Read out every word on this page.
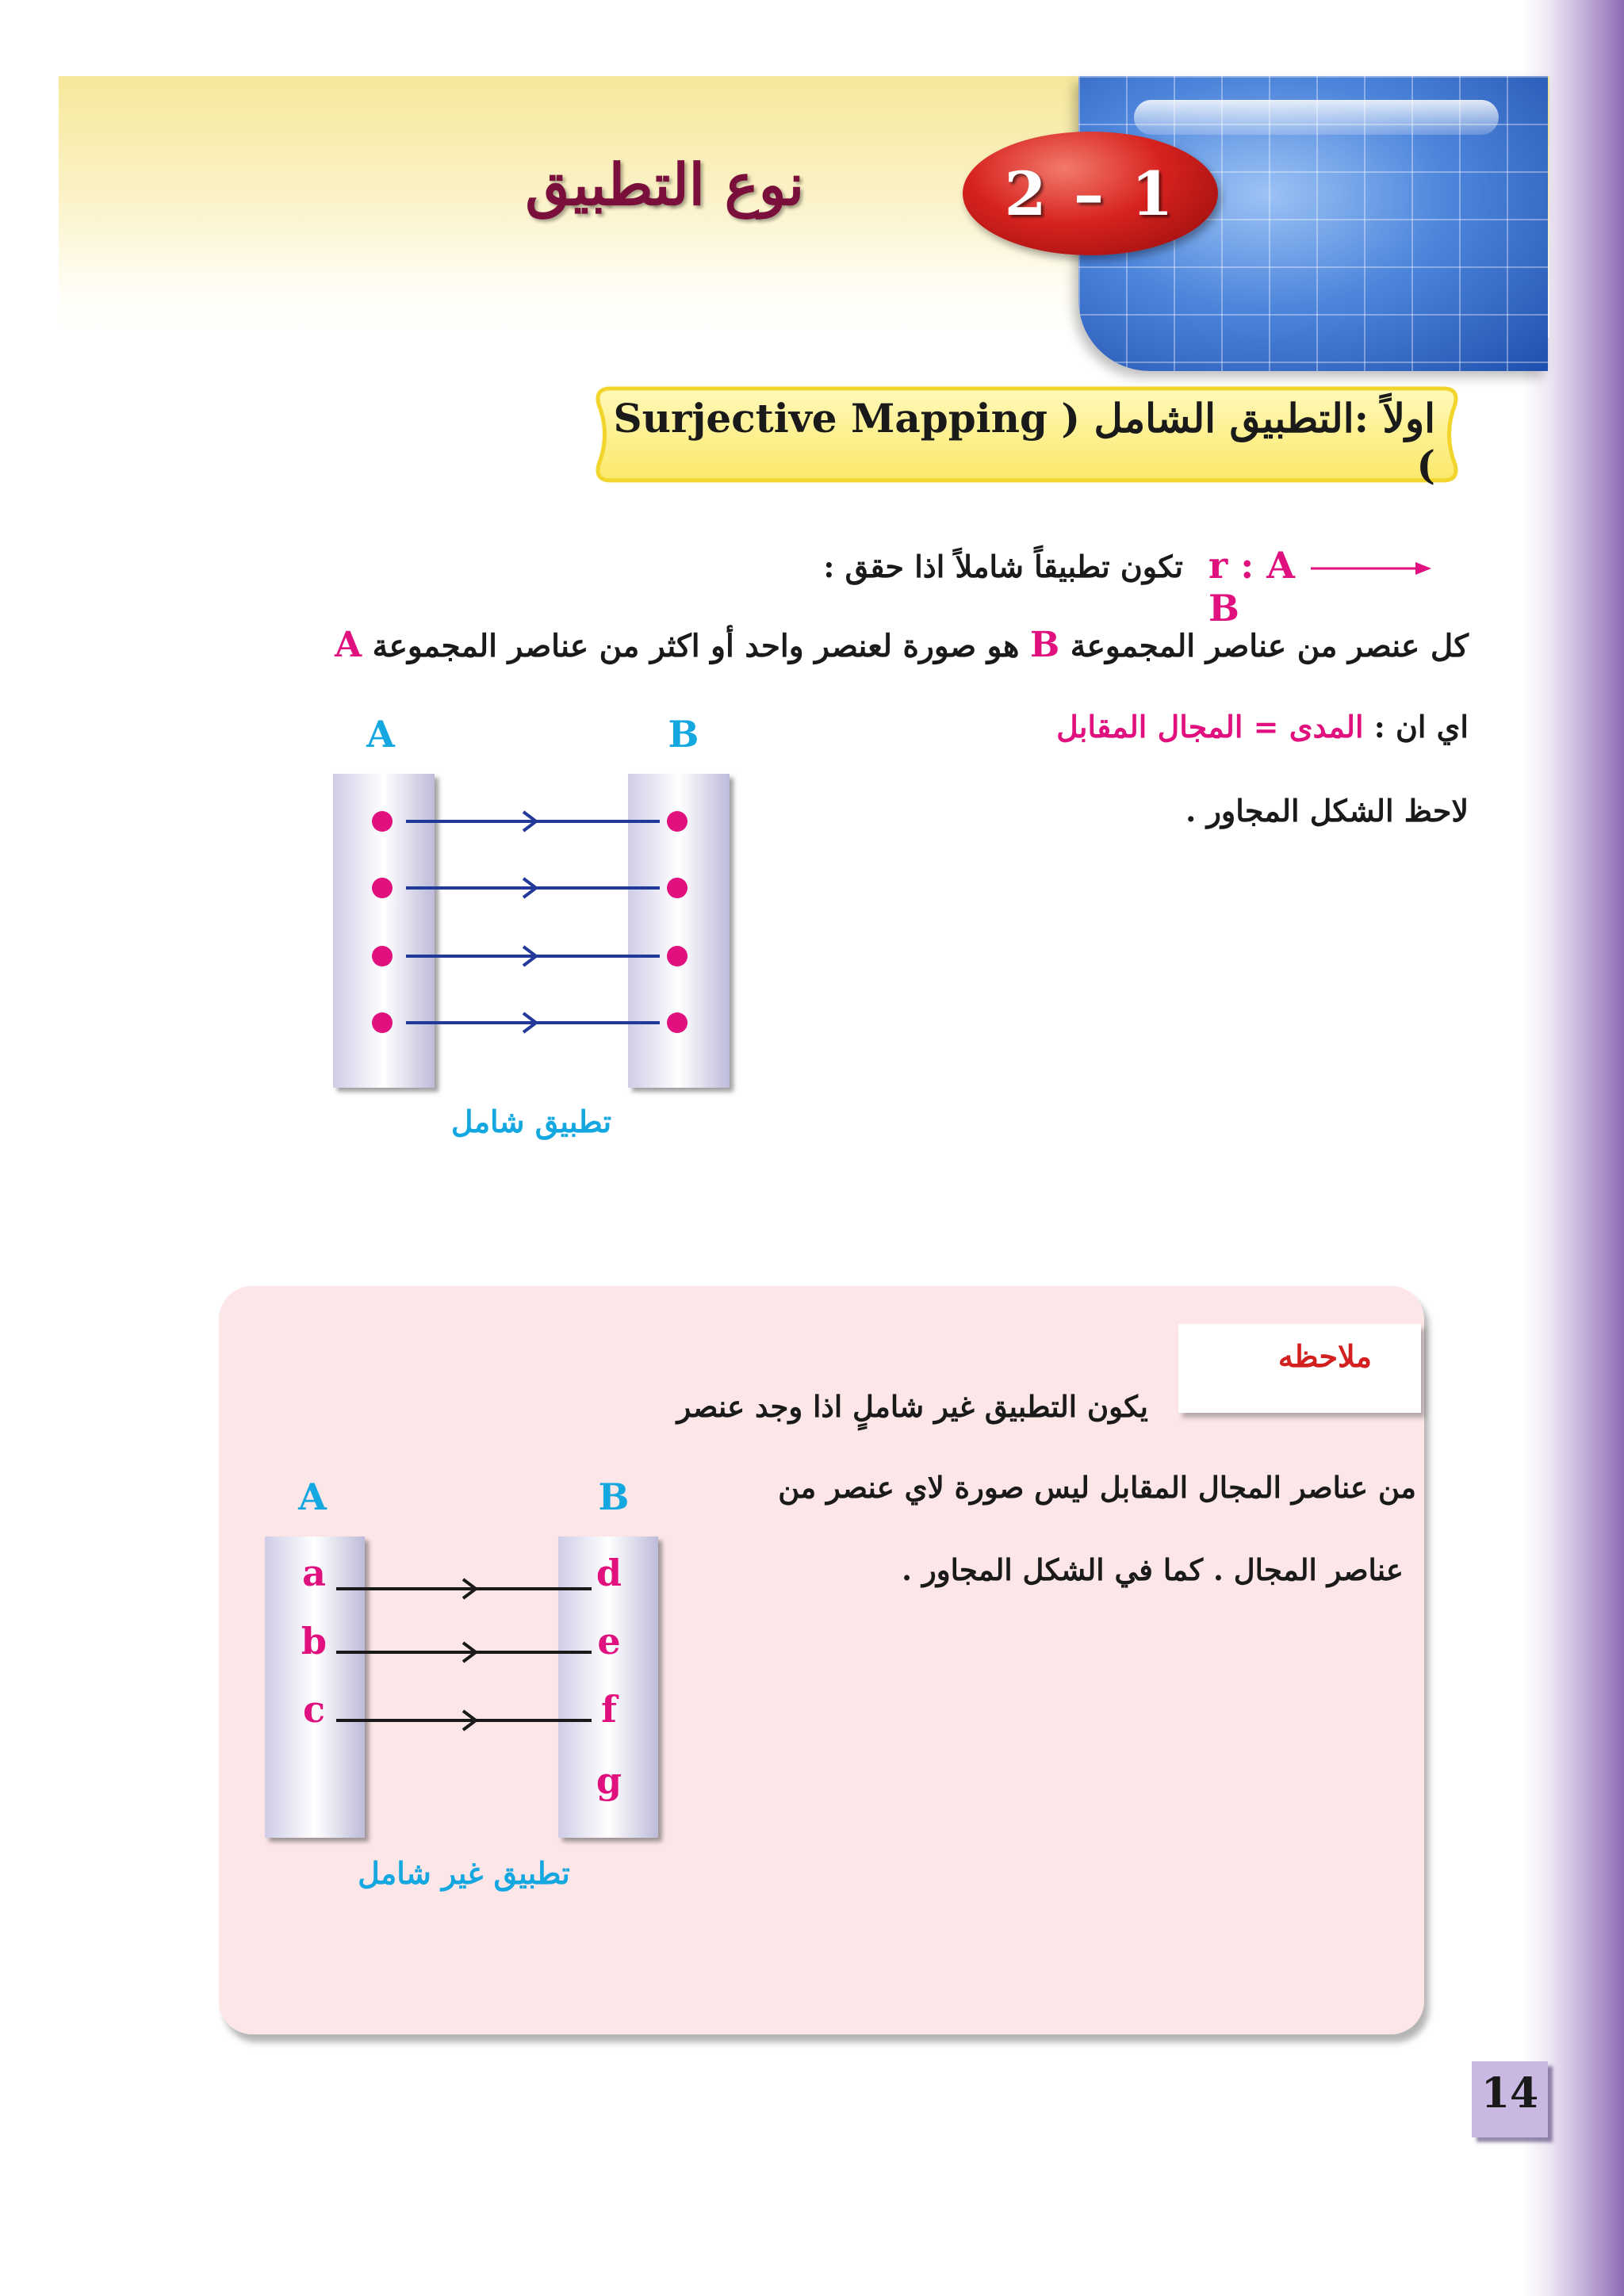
نوع التطبيق	2 – 1
اولاً :التطبيق الشامل ( Surjective Mapping )
r : A  B
تكون تطبيقاً شاملاً اذا حقق :
كل عنصر من عناصر المجموعة B هو صورة لعنصر واحد أو اكثر من عناصر المجموعة A
اي ان : المدى = المجال المقابل
لاحظ الشكل المجاور .
A	B
تطبيق شامل
ملاحظه
يكون التطبيق غير شاملٍ اذا وجد عنصر
من عناصر المجال المقابل ليس صورة لاي عنصر من
عناصر المجال . كما في الشكل المجاور .
A	B
a
b
c
d
e
f
g
تطبيق غير شامل
14
